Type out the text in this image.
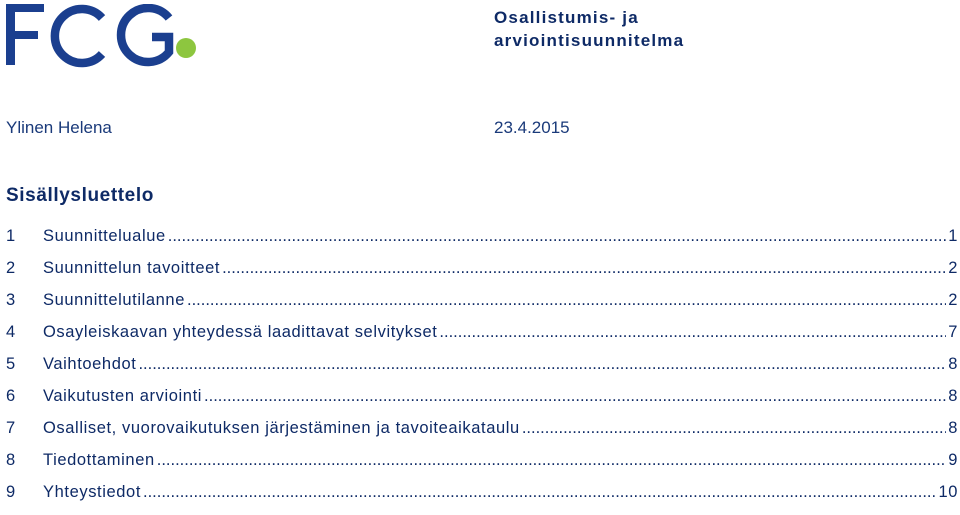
Osallistumis- ja
arviointisuunnitelma
Ylinen Helena	23.4.2015
Sisällysluettelo
1	Suunnittelualue .....	1
2	Suunnittelun tavoitteet .....	2
3	Suunnittelutilanne .....	2
4	Osayleiskaavan yhteydessä laadittavat selvitykset .....	7
5	Vaihtoehdot .....	8
6	Vaikutusten arviointi .....	8
7	Osalliset, vuorovaikutuksen järjestäminen ja tavoiteaikataulu .....	8
8	Tiedottaminen .....	9
9	Yhteystiedot .....	10
